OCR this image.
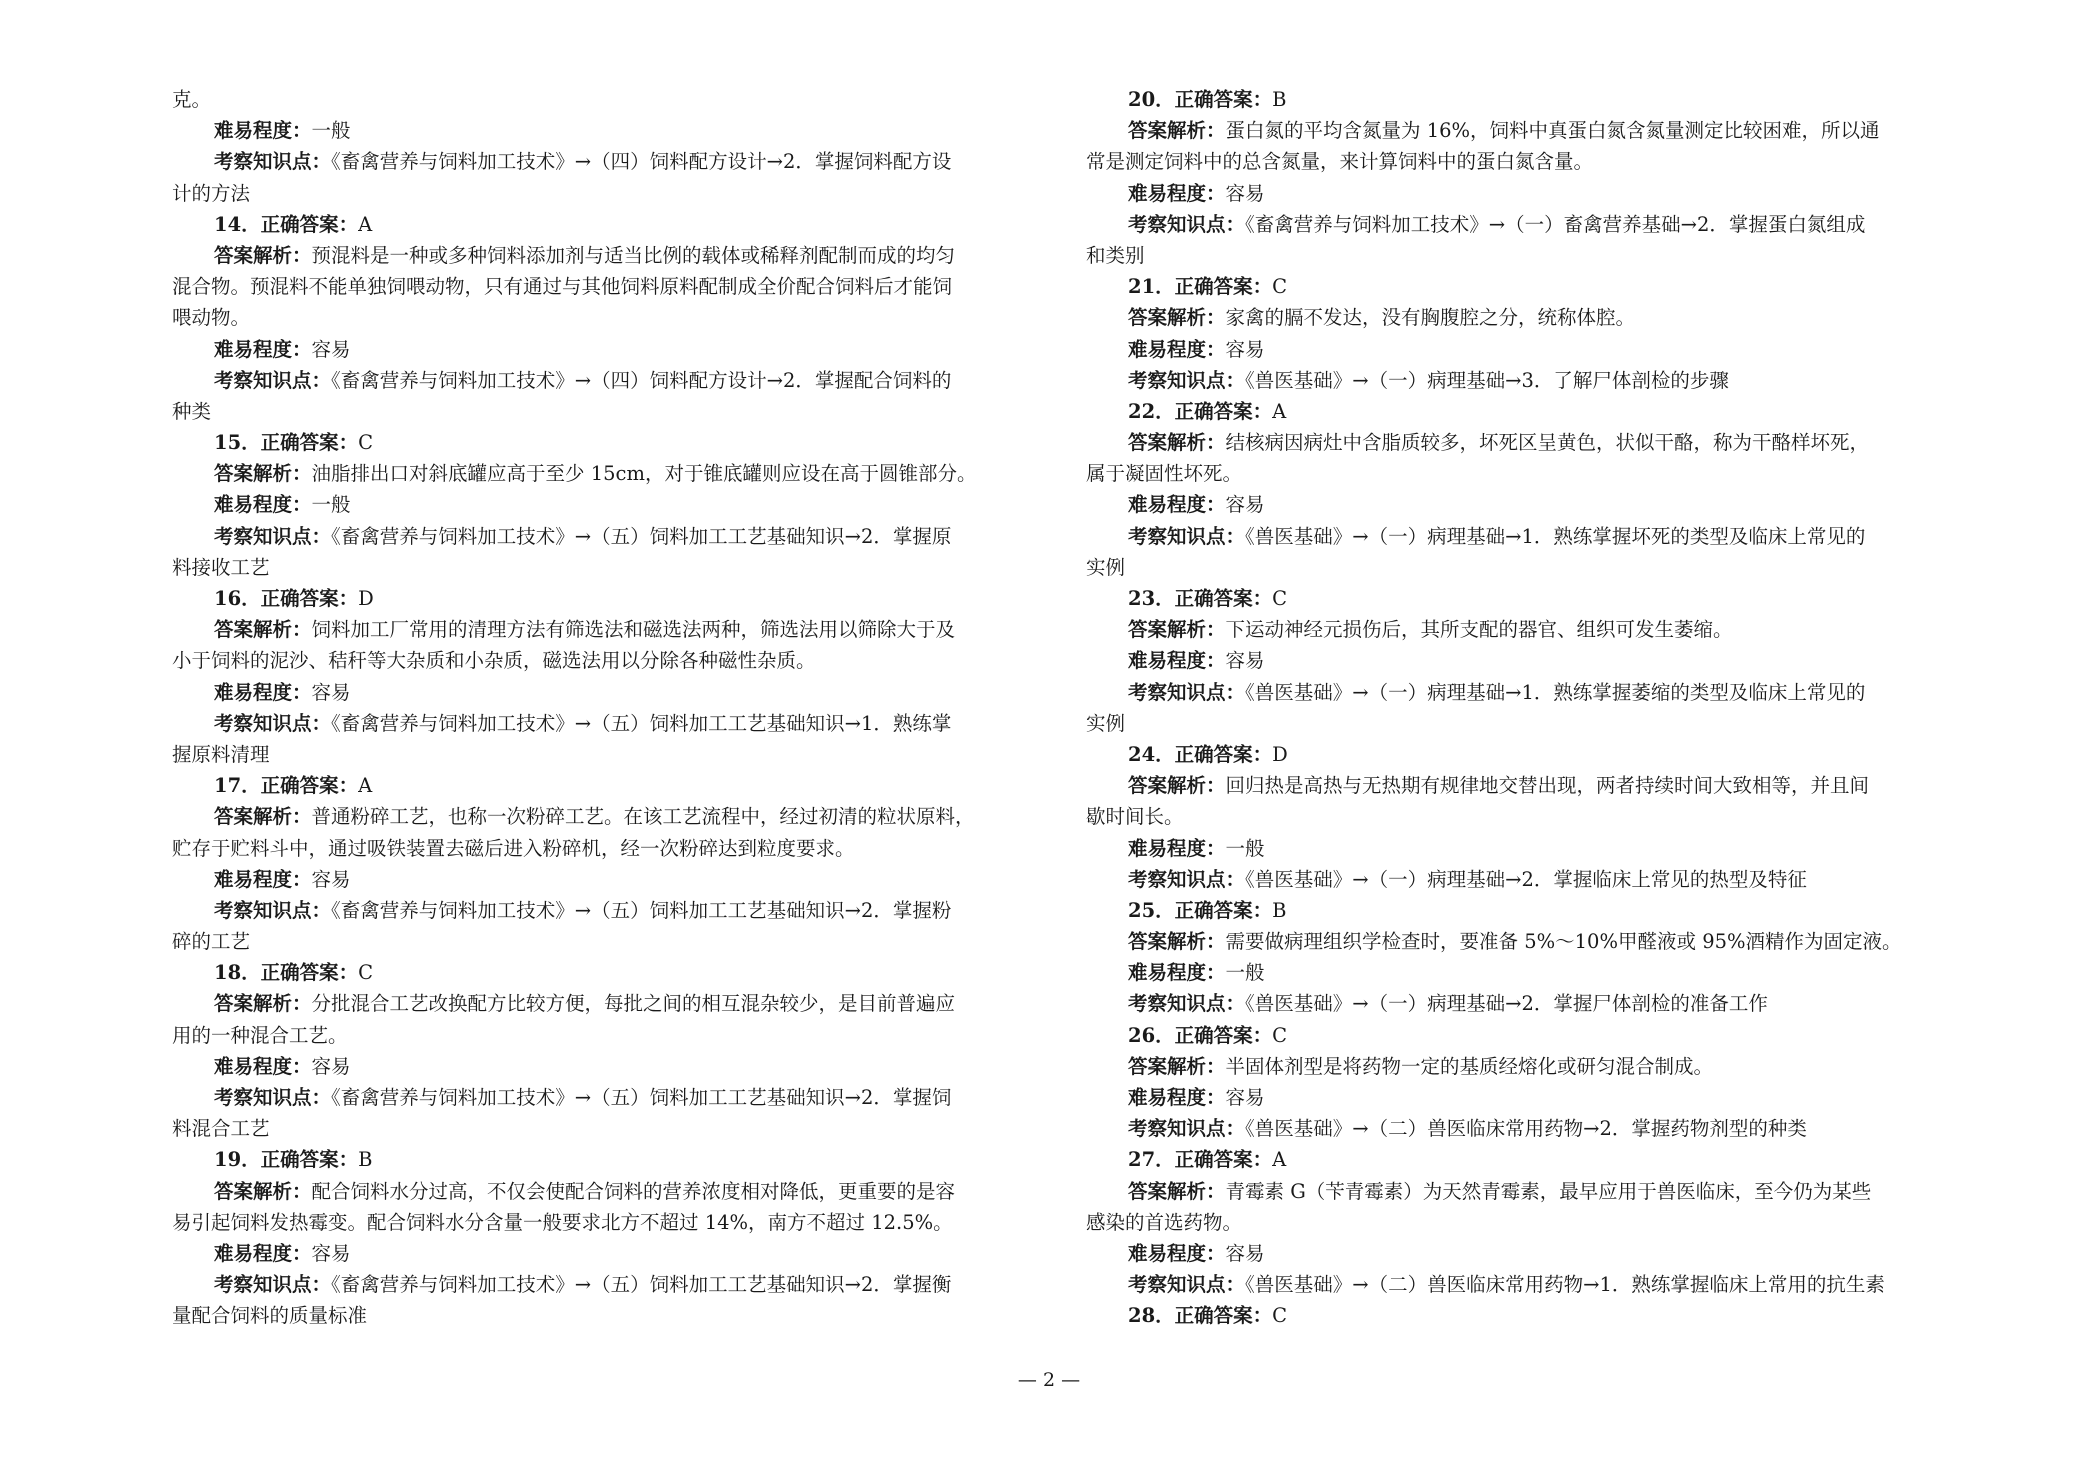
克。
难易程度：一般
考察知识点：《畜禽营养与饲料加工技术》→（四）饲料配方设计→2．掌握饲料配方设
计的方法
14．正确答案：A
答案解析：预混料是一种或多种饲料添加剂与适当比例的载体或稀释剂配制而成的均匀
混合物。预混料不能单独饲喂动物，只有通过与其他饲料原料配制成全价配合饲料后才能饲
喂动物。
难易程度：容易
考察知识点：《畜禽营养与饲料加工技术》→（四）饲料配方设计→2．掌握配合饲料的
种类
15．正确答案：C
答案解析：油脂排出口对斜底罐应高于至少 15cm，对于锥底罐则应设在高于圆锥部分。
难易程度：一般
考察知识点：《畜禽营养与饲料加工技术》→（五）饲料加工工艺基础知识→2．掌握原
料接收工艺
16．正确答案：D
答案解析：饲料加工厂常用的清理方法有筛选法和磁选法两种，筛选法用以筛除大于及
小于饲料的泥沙、秸秆等大杂质和小杂质，磁选法用以分除各种磁性杂质。
难易程度：容易
考察知识点：《畜禽营养与饲料加工技术》→（五）饲料加工工艺基础知识→1．熟练掌
握原料清理
17．正确答案：A
答案解析：普通粉碎工艺，也称一次粉碎工艺。在该工艺流程中，经过初清的粒状原料，
贮存于贮料斗中，通过吸铁装置去磁后进入粉碎机，经一次粉碎达到粒度要求。
难易程度：容易
考察知识点：《畜禽营养与饲料加工技术》→（五）饲料加工工艺基础知识→2．掌握粉
碎的工艺
18．正确答案：C
答案解析：分批混合工艺改换配方比较方便，每批之间的相互混杂较少，是目前普遍应
用的一种混合工艺。
难易程度：容易
考察知识点：《畜禽营养与饲料加工技术》→（五）饲料加工工艺基础知识→2．掌握饲
料混合工艺
19．正确答案：B
答案解析：配合饲料水分过高，不仅会使配合饲料的营养浓度相对降低，更重要的是容
易引起饲料发热霉变。配合饲料水分含量一般要求北方不超过 14%，南方不超过 12.5%。
难易程度：容易
考察知识点：《畜禽营养与饲料加工技术》→（五）饲料加工工艺基础知识→2．掌握衡
量配合饲料的质量标准
20．正确答案：B
答案解析：蛋白氮的平均含氮量为 16%，饲料中真蛋白氮含氮量测定比较困难，所以通
常是测定饲料中的总含氮量，来计算饲料中的蛋白氮含量。
难易程度：容易
考察知识点：《畜禽营养与饲料加工技术》→（一）畜禽营养基础→2．掌握蛋白氮组成
和类别
21．正确答案：C
答案解析：家禽的膈不发达，没有胸腹腔之分，统称体腔。
难易程度：容易
考察知识点：《兽医基础》→（一）病理基础→3．了解尸体剖检的步骤
22．正确答案：A
答案解析：结核病因病灶中含脂质较多，坏死区呈黄色，状似干酪，称为干酪样坏死，
属于凝固性坏死。
难易程度：容易
考察知识点：《兽医基础》→（一）病理基础→1．熟练掌握坏死的类型及临床上常见的
实例
23．正确答案：C
答案解析：下运动神经元损伤后，其所支配的器官、组织可发生萎缩。
难易程度：容易
考察知识点：《兽医基础》→（一）病理基础→1．熟练掌握萎缩的类型及临床上常见的
实例
24．正确答案：D
答案解析：回归热是高热与无热期有规律地交替出现，两者持续时间大致相等，并且间
歇时间长。
难易程度：一般
考察知识点：《兽医基础》→（一）病理基础→2．掌握临床上常见的热型及特征
25．正确答案：B
答案解析：需要做病理组织学检查时，要准备 5%～10%甲醛液或 95%酒精作为固定液。
难易程度：一般
考察知识点：《兽医基础》→（一）病理基础→2．掌握尸体剖检的准备工作
26．正确答案：C
答案解析：半固体剂型是将药物一定的基质经熔化或研匀混合制成。
难易程度：容易
考察知识点：《兽医基础》→（二）兽医临床常用药物→2．掌握药物剂型的种类
27．正确答案：A
答案解析：青霉素 G（苄青霉素）为天然青霉素，最早应用于兽医临床，至今仍为某些
感染的首选药物。
难易程度：容易
考察知识点：《兽医基础》→（二）兽医临床常用药物→1．熟练掌握临床上常用的抗生素
28．正确答案：C
— 2 —
